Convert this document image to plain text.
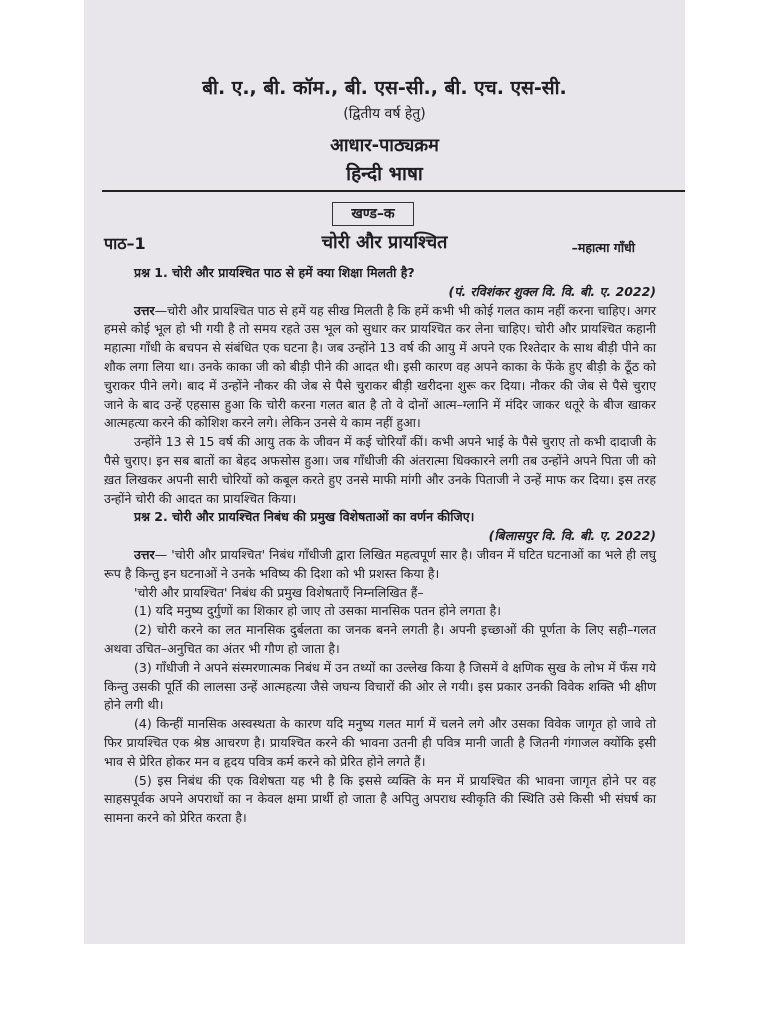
बी. ए., बी. कॉम., बी. एस-सी., बी. एच. एस-सी.
(द्वितीय वर्ष हेतु)
आधार-पाठ्यक्रम
हिन्दी भाषा
खण्ड–क
पाठ–1	चोरी और प्रायश्चित	–महात्मा गाँधी

प्रश्न 1. चोरी और प्रायश्चित पाठ से हमें क्या शिक्षा मिलती है?

(पं. रविशंकर शुक्ल वि. वि. बी. ए. 2022)

उत्तर—चोरी और प्रायश्चित पाठ से हमें यह सीख मिलती है कि हमें कभी भी कोई गलत काम नहीं करना चाहिए। अगर हमसे कोई भूल हो भी गयी है तो समय रहते उस भूल को सुधार कर प्रायश्चित कर लेना चाहिए। चोरी और प्रायश्चित कहानी महात्मा गाँधी के बचपन से संबंधित एक घटना है। जब उन्होंने 13 वर्ष की आयु में अपने एक रिश्तेदार के साथ बीड़ी पीने का शौक लगा लिया था। उनके काका जी को बीड़ी पीने की आदत थी। इसी कारण वह अपने काका के फेंके हुए बीड़ी के ठूँठ को चुराकर पीने लगे। बाद में उन्होंने नौकर की जेब से पैसे चुराकर बीड़ी खरीदना शुरू कर दिया। नौकर की जेब से पैसे चुराए जाने के बाद उन्हें एहसास हुआ कि चोरी करना गलत बात है तो वे दोनों आत्म–ग्लानि में मंदिर जाकर धतूरे के बीज खाकर आत्महत्या करने की कोशिश करने लगे। लेकिन उनसे ये काम नहीं हुआ।

उन्होंने 13 से 15 वर्ष की आयु तक के जीवन में कई चोरियाँ कीं। कभी अपने भाई के पैसे चुराए तो कभी दादाजी के पैसे चुराए। इन सब बातों का बेहद अफसोस हुआ। जब गाँधीजी की अंतरात्मा धिक्कारने लगी तब उन्होंने अपने पिता जी को ख़त लिखकर अपनी सारी चोरियों को कबूल करते हुए उनसे माफी मांगी और उनके पिताजी ने उन्हें माफ कर दिया। इस तरह उन्होंने चोरी की आदत का प्रायश्चित किया।

प्रश्न 2. चोरी और प्रायश्चित निबंध की प्रमुख विशेषताओं का वर्णन कीजिए।

(बिलासपुर वि. वि. बी. ए. 2022)

उत्तर— 'चोरी और प्रायश्चित' निबंध गाँधीजी द्वारा लिखित महत्वपूर्ण सार है। जीवन में घटित घटनाओं का भले ही लघु रूप है किन्तु इन घटनाओं ने उनके भविष्य की दिशा को भी प्रशस्त किया है।

'चोरी और प्रायश्चित' निबंध की प्रमुख विशेषताएँ निम्नलिखित हैं–

(1) यदि मनुष्य दुर्गुणों का शिकार हो जाए तो उसका मानसिक पतन होने लगता है।

(2) चोरी करने का लत मानसिक दुर्बलता का जनक बनने लगती है। अपनी इच्छाओं की पूर्णता के लिए सही–गलत अथवा उचित–अनुचित का अंतर भी गौण हो जाता है।

(3) गाँधीजी ने अपने संस्मरणात्मक निबंध में उन तथ्यों का उल्लेख किया है जिसमें वे क्षणिक सुख के लोभ में फँस गये किन्तु उसकी पूर्ति की लालसा उन्हें आत्महत्या जैसे जघन्य विचारों की ओर ले गयी। इस प्रकार उनकी विवेक शक्ति भी क्षीण होने लगी थी।

(4) किन्हीं मानसिक अस्वस्थता के कारण यदि मनुष्य गलत मार्ग में चलने लगे और उसका विवेक जागृत हो जावे तो फिर प्रायश्चित एक श्रेष्ठ आचरण है। प्रायश्चित करने की भावना उतनी ही पवित्र मानी जाती है जितनी गंगाजल क्योंकि इसी भाव से प्रेरित होकर मन व हृदय पवित्र कर्म करने को प्रेरित होने लगते हैं।

(5) इस निबंध की एक विशेषता यह भी है कि इससे व्यक्ति के मन में प्रायश्चित की भावना जागृत होने पर वह साहसपूर्वक अपने अपराधों का न केवल क्षमा प्रार्थी हो जाता है अपितु अपराध स्वीकृति की स्थिति उसे किसी भी संघर्ष का सामना करने को प्रेरित करता है।
